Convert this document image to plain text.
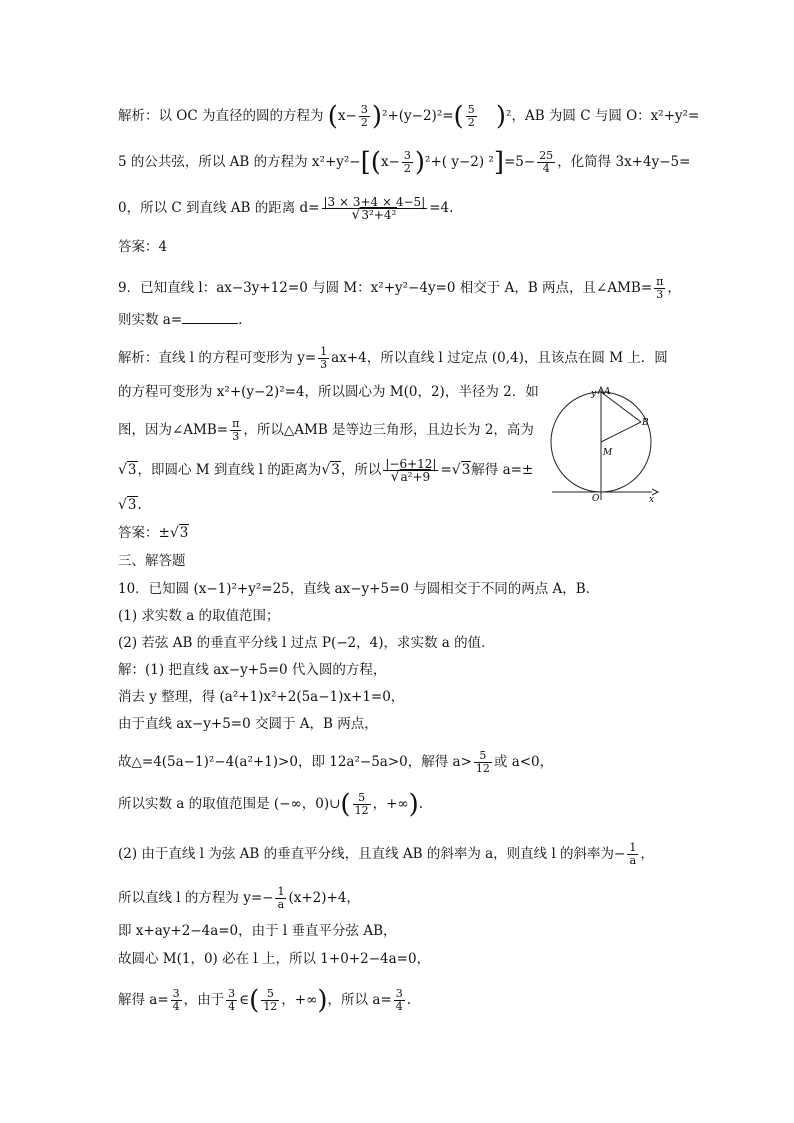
解析：以 OC 为直径的圆的方程为 $(x- \frac{3}{2} )^2+(y-2)^2=( \frac{5}{2} )^2$，AB 为圆 C 与圆 O：x²+y²=
5 的公共弦，所以 AB 的方程为 $x^2+y^2-[(x- \frac{3}{2} )^2+$( y−2) $^2]=5- \frac{25}{4}$ ，化简得 3x+4y−5=
0，所以 C 到直线 AB 的距离 $d= \frac{|3 \times 3+4 \times 4-5|}{\text{√3²+4²}} =4$.
答案：4
9．已知直线 l：ax−3y+12=0 与圆 M：x²+y²−4y=0 相交于 A，B 两点，且∠AMB= $\frac{\pi}{3}$ ，
则实数 a=	.
解析：直线 l 的方程可变形为 $y= \frac{1}{3} ax+4$，所以直线 l 过定点 (0,4)，且该点在圆 M 上．圆
的方程可变形为 x²+(y−2)²=4，所以圆心为 M(0，2)，半径为 2．如
图，因为∠AMB= $\frac{\pi}{3}$ ，所以△AMB 是等边三角形，且边长为 2，高为
√3，即圆心 M 到直线 l 的距离为√3，所以 $\frac{|-6+12|}{\text{√a²+9}} =√3$解得 a=±
√3.
答案：±√3
y A
B
M
O	x
三、解答题
10．已知圆 (x−1)²+y²=25，直线 ax−y+5=0 与圆相交于不同的两点 A，B．
(1) 求实数 a 的取值范围；
(2) 若弦 AB 的垂直平分线 l 过点 P(−2，4)，求实数 a 的值．
解：(1) 把直线 ax−y+5=0 代入圆的方程，
消去 y 整理，得 (a²+1)x²+2(5a−1)x+1=0，
由于直线 ax−y+5=0 交圆于 A，B 两点，
故△=4(5a−1)²−4(a²+1)>0，即 12a²−5a>0，解得 $a> \frac{5}{12}$ 或 a<0，
所以实数 a 的取值范围是 (−∞，0)∪( $\frac{5}{12}$ ，+∞).
(2) 由于直线 l 为弦 AB 的垂直平分线，且直线 AB 的斜率为 a，则直线 l 的斜率为− $\frac{1}{a}$ ，
所以直线 l 的方程为 $y=- \frac{1}{a} (x+2)+4$，
即 x+ay+2−4a=0，由于 l 垂直平分弦 AB，
故圆心 M(1，0) 必在 l 上，所以 1+0+2−4a=0，
解得 $a= \frac{3}{4}$ ，由于 $\frac{3}{4}$ ∈( $\frac{5}{12}$ ，+∞)，所以 $a= \frac{3}{4}$ .
